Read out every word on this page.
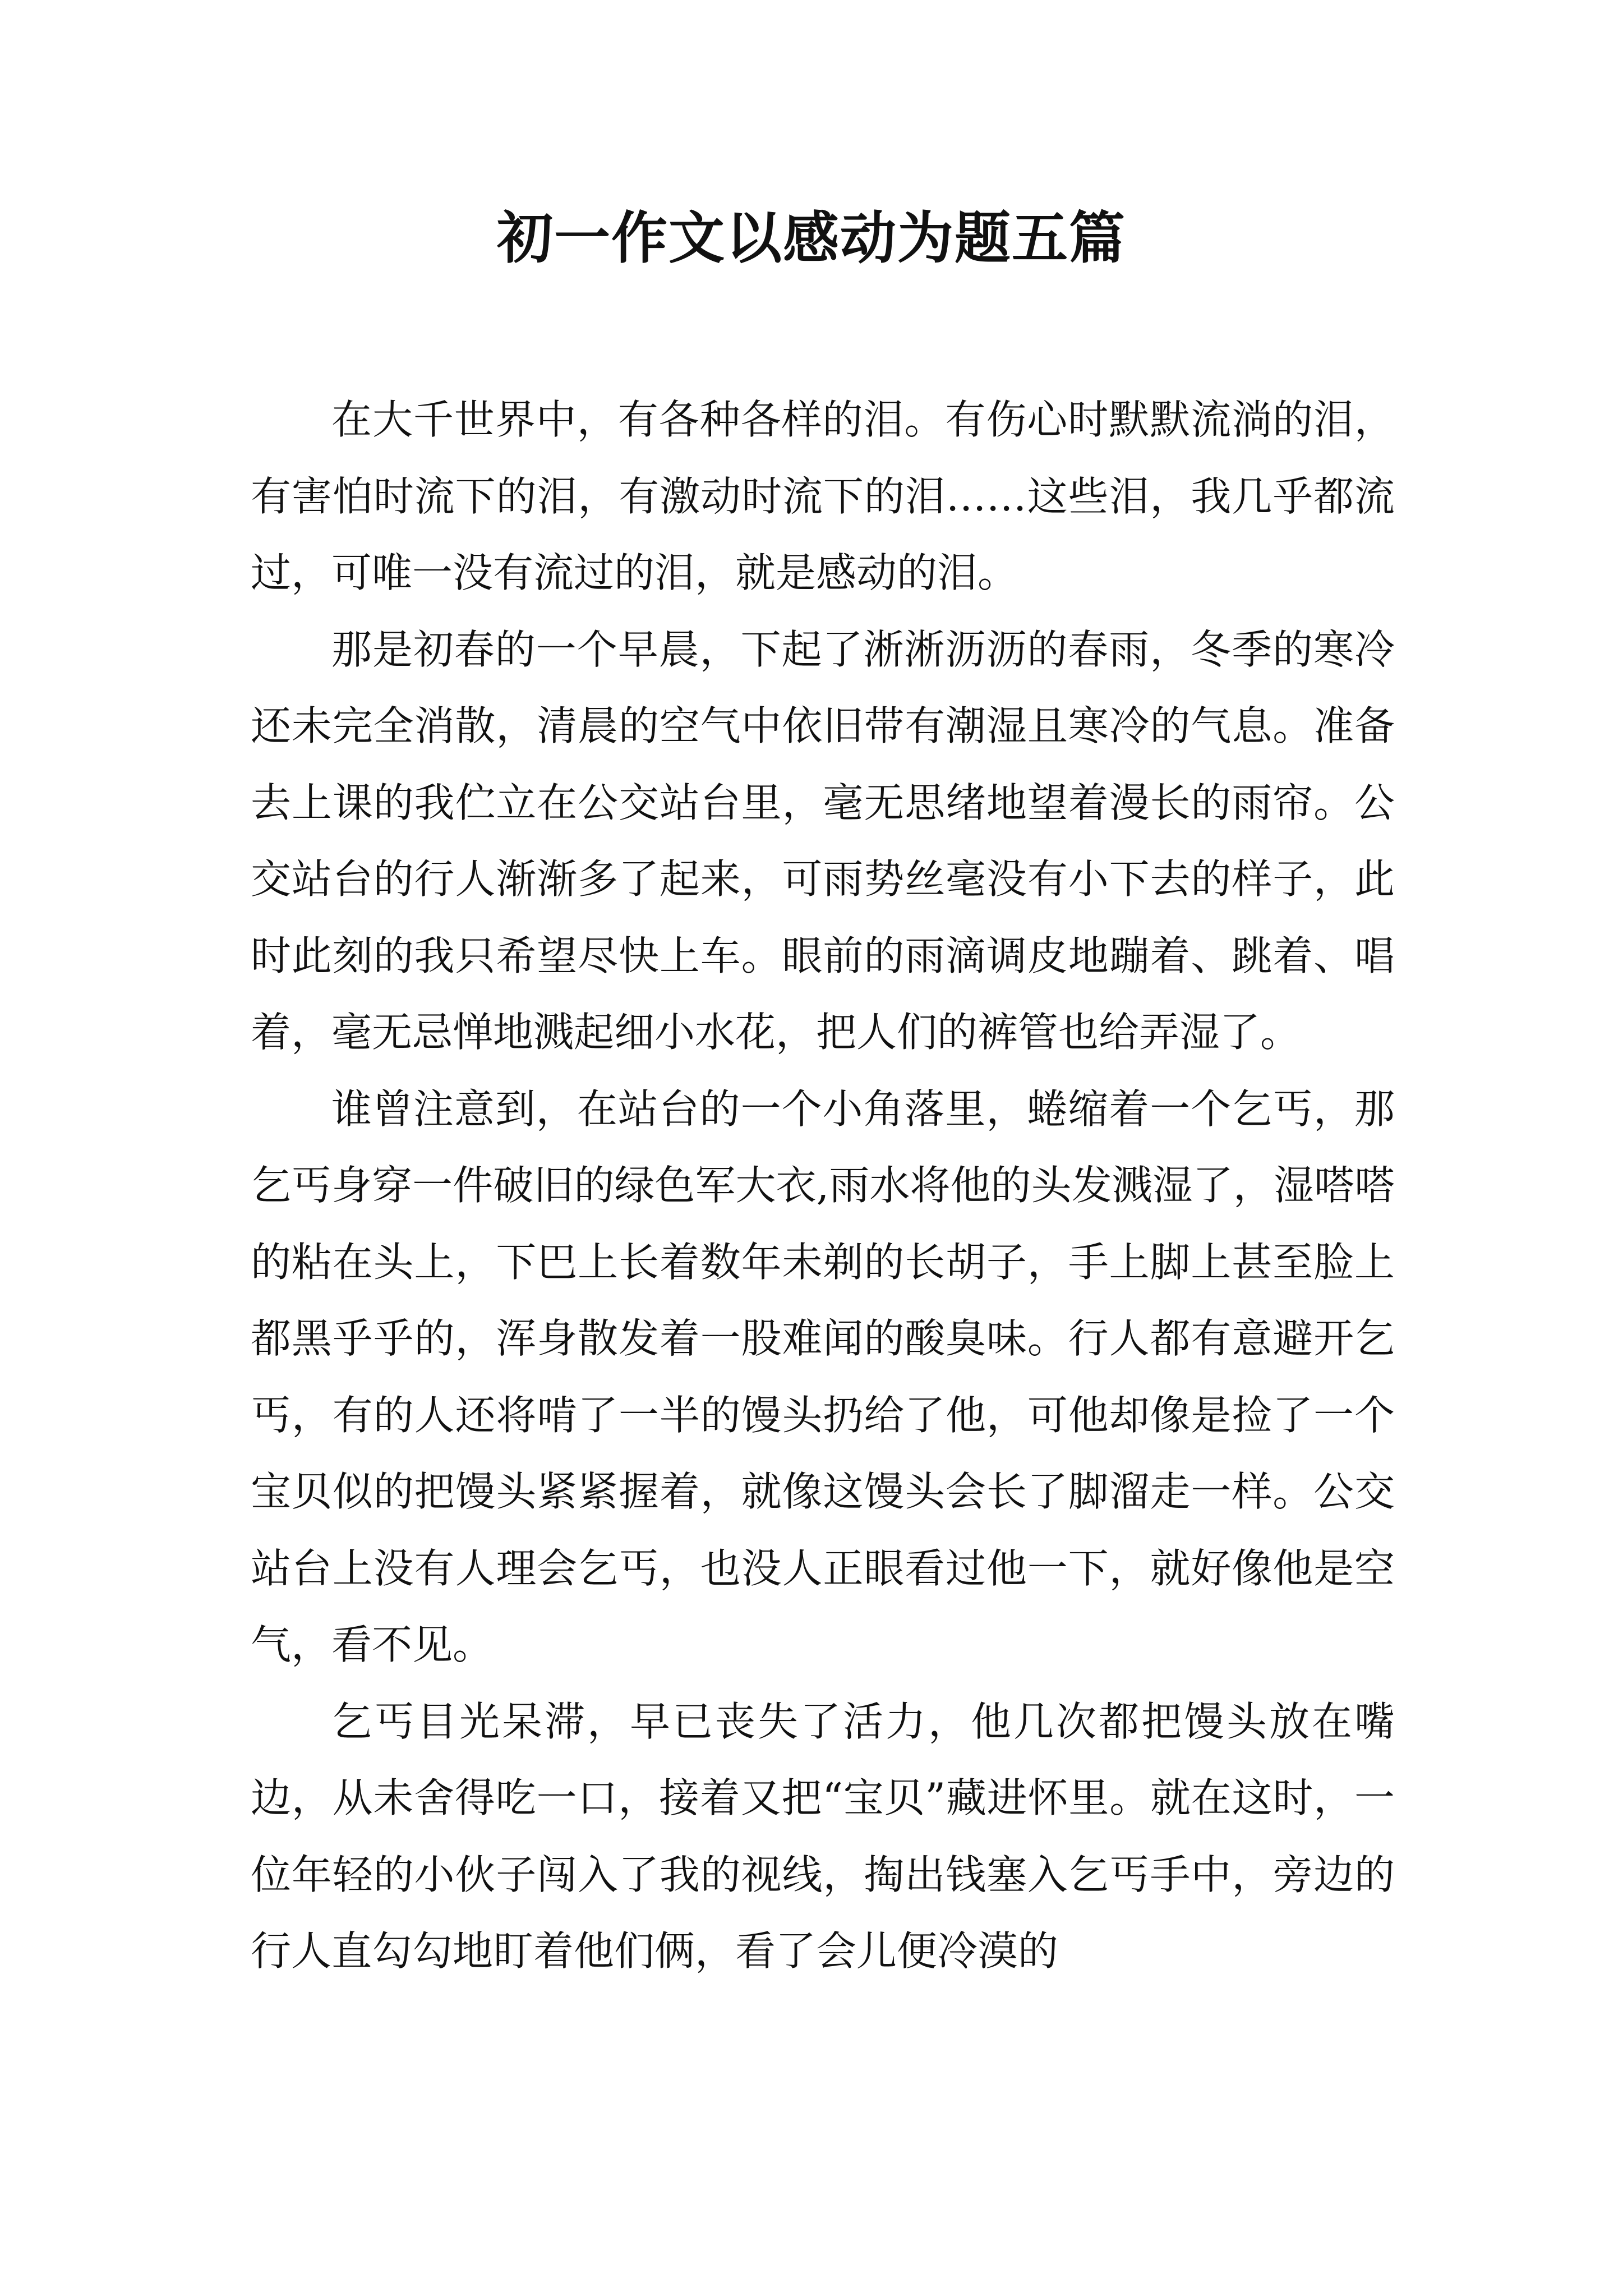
初一作文以感动为题五篇

在大千世界中，有各种各样的泪。有伤心时默默流淌的泪，有害怕时流下的泪，有激动时流下的泪……这些泪，我几乎都流过，可唯一没有流过的泪，就是感动的泪。

那是初春的一个早晨，下起了淅淅沥沥的春雨，冬季的寒冷还未完全消散，清晨的空气中依旧带有潮湿且寒冷的气息。准备去上课的我伫立在公交站台里，毫无思绪地望着漫长的雨帘。公交站台的行人渐渐多了起来，可雨势丝毫没有小下去的样子，此时此刻的我只希望尽快上车。眼前的雨滴调皮地蹦着、跳着、唱着，毫无忌惮地溅起细小水花，把人们的裤管也给弄湿了。

谁曾注意到，在站台的一个小角落里，蜷缩着一个乞丐，那乞丐身穿一件破旧的绿色军大衣,雨水将他的头发溅湿了，湿嗒嗒的粘在头上，下巴上长着数年未剃的长胡子，手上脚上甚至脸上都黑乎乎的，浑身散发着一股难闻的酸臭味。行人都有意避开乞丐，有的人还将啃了一半的馒头扔给了他，可他却像是捡了一个宝贝似的把馒头紧紧握着，就像这馒头会长了脚溜走一样。公交站台上没有人理会乞丐，也没人正眼看过他一下，就好像他是空气，看不见。

乞丐目光呆滞，早已丧失了活力，他几次都把馒头放在嘴边，从未舍得吃一口，接着又把“宝贝”藏进怀里。就在这时，一位年轻的小伙子闯入了我的视线，掏出钱塞入乞丐手中，旁边的行人直勾勾地盯着他们俩，看了会儿便冷漠的
